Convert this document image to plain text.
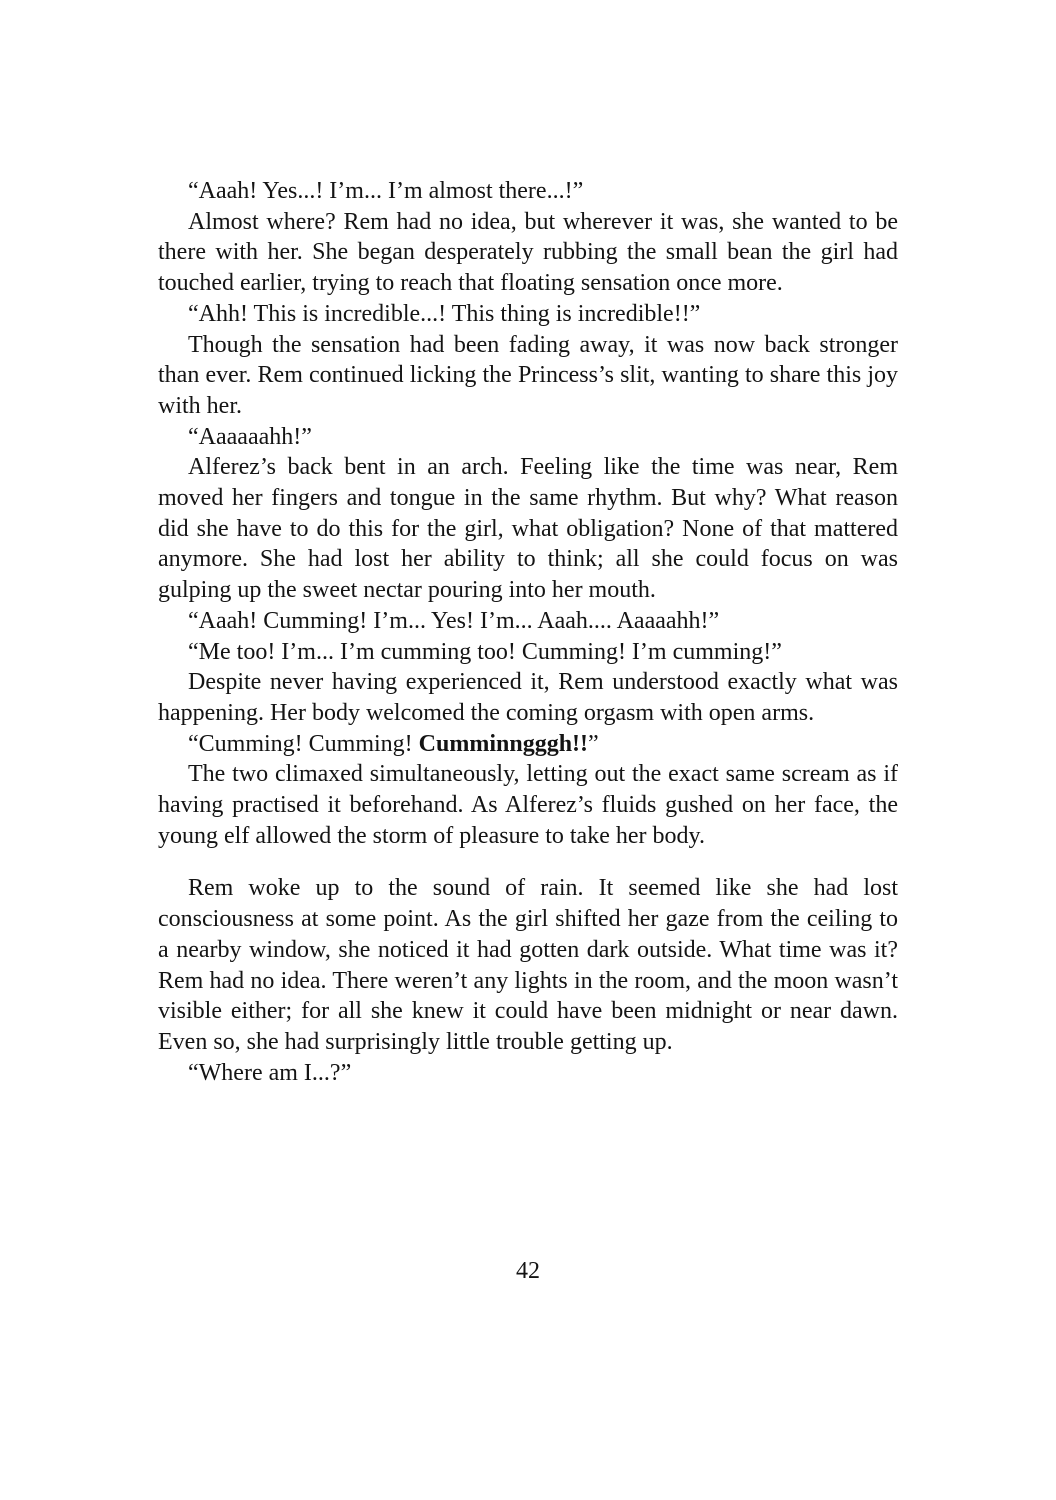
“Aaah! Yes...! I’m... I’m almost there...!”

Almost where? Rem had no idea, but wherever it was, she wanted to be there with her. She began desperately rubbing the small bean the girl had touched earlier, trying to reach that floating sensation once more.

“Ahh! This is incredible...! This thing is incredible!!”

Though the sensation had been fading away, it was now back stronger than ever. Rem continued licking the Princess’s slit, wanting to share this joy with her.

“Aaaaaahh!”

Alferez’s back bent in an arch. Feeling like the time was near, Rem moved her fingers and tongue in the same rhythm. But why? What reason did she have to do this for the girl, what obligation? None of that mattered anymore. She had lost her ability to think; all she could focus on was gulping up the sweet nectar pouring into her mouth.

“Aaah! Cumming! I’m... Yes! I’m... Aaah.... Aaaaahh!”

“Me too! I’m... I’m cumming too! Cumming! I’m cumming!”

Despite never having experienced it, Rem understood exactly what was happening. Her body welcomed the coming orgasm with open arms.

“Cumming! Cumming! Cumminngggh!!”

The two climaxed simultaneously, letting out the exact same scream as if having practised it beforehand. As Alferez’s fluids gushed on her face, the young elf allowed the storm of pleasure to take her body.

Rem woke up to the sound of rain. It seemed like she had lost consciousness at some point. As the girl shifted her gaze from the ceiling to a nearby window, she noticed it had gotten dark outside. What time was it? Rem had no idea. There weren’t any lights in the room, and the moon wasn’t visible either; for all she knew it could have been midnight or near dawn. Even so, she had surprisingly little trouble getting up.

“Where am I...?”

42
